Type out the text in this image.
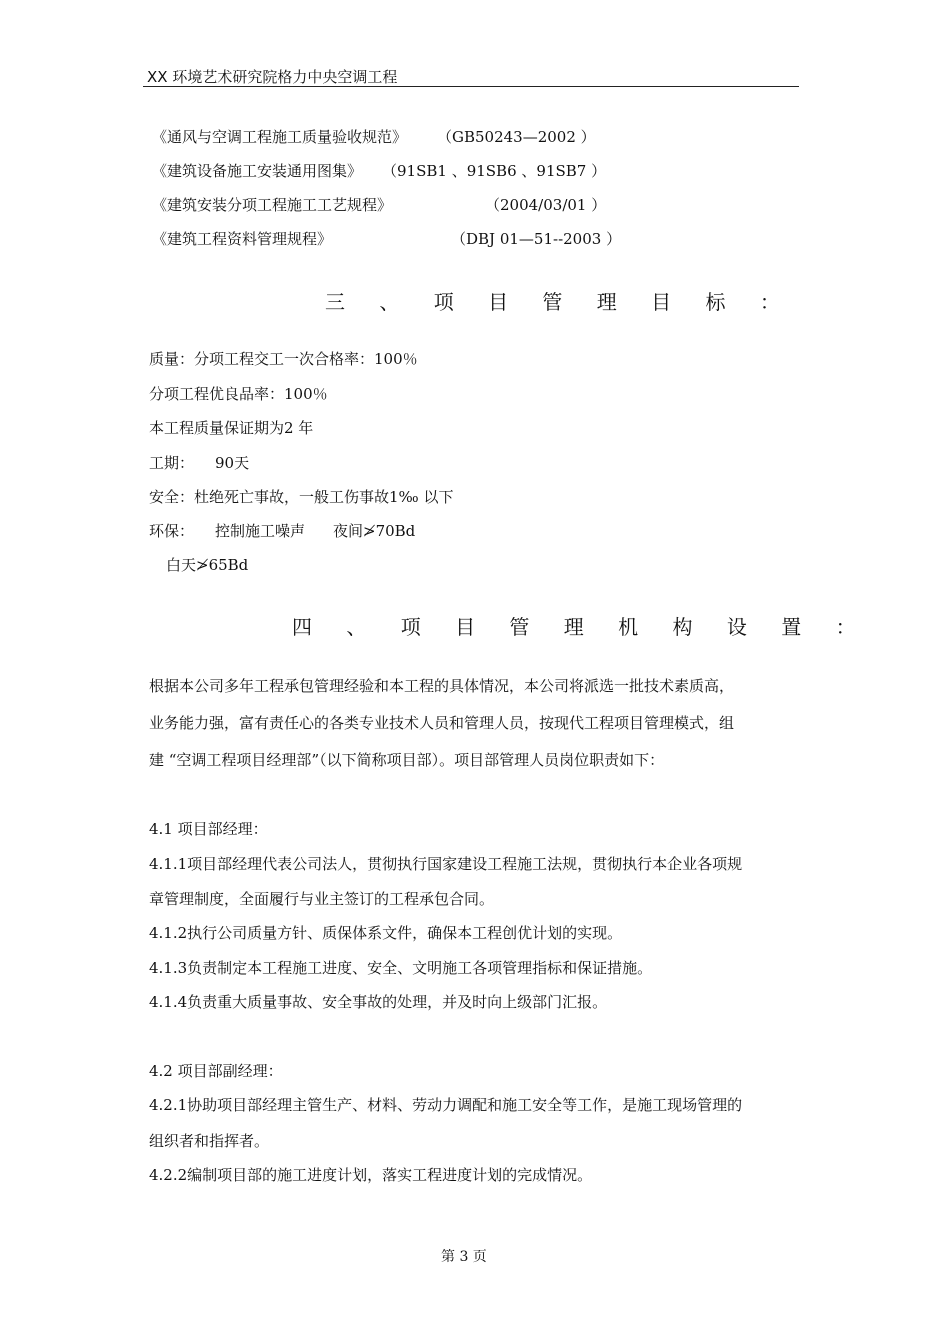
XX 环境艺术研究院格力中央空调工程
《通风与空调工程施工质量验收规范》 （GB50243—2002 ）
《建筑设备施工安装通用图集》 （91SB1 、91SB6 、91SB7 ）
《建筑安装分项工程施工工艺规程》	（2004/03/01 ）
《建筑工程资料管理规程》	（DBJ 01—51--2003 ）
三 、 项 目 管 理 目 标 ：
质量：分项工程交工一次合格率：100％
分项工程优良品率：100％
本工程质量保证期为2 年
工期： 90天
安全：杜绝死亡事故，一般工伤事故1‰ 以下
环保： 控制施工噪声 夜间≯70Bd
白天≯65Bd
四 、 项 目 管 理 机 构 设 置 ：
根据本公司多年工程承包管理经验和本工程的具体情况，本公司将派选一批技术素质高，
业务能力强，富有责任心的各类专业技术人员和管理人员，按现代工程项目管理模式，组
建 “空调工程项目经理部”（以下简称项目部）。项目部管理人员岗位职责如下：
4.1 项目部经理：
4.1.1项目部经理代表公司法人，贯彻执行国家建设工程施工法规，贯彻执行本企业各项规
章管理制度，全面履行与业主签订的工程承包合同。
4.1.2执行公司质量方针、质保体系文件，确保本工程创优计划的实现。
4.1.3负责制定本工程施工进度、安全、文明施工各项管理指标和保证措施。
4.1.4负责重大质量事故、安全事故的处理，并及时向上级部门汇报。
4.2 项目部副经理：
4.2.1协助项目部经理主管生产、材料、劳动力调配和施工安全等工作，是施工现场管理的
组织者和指挥者。
4.2.2编制项目部的施工进度计划，落实工程进度计划的完成情况。
第 3 页
